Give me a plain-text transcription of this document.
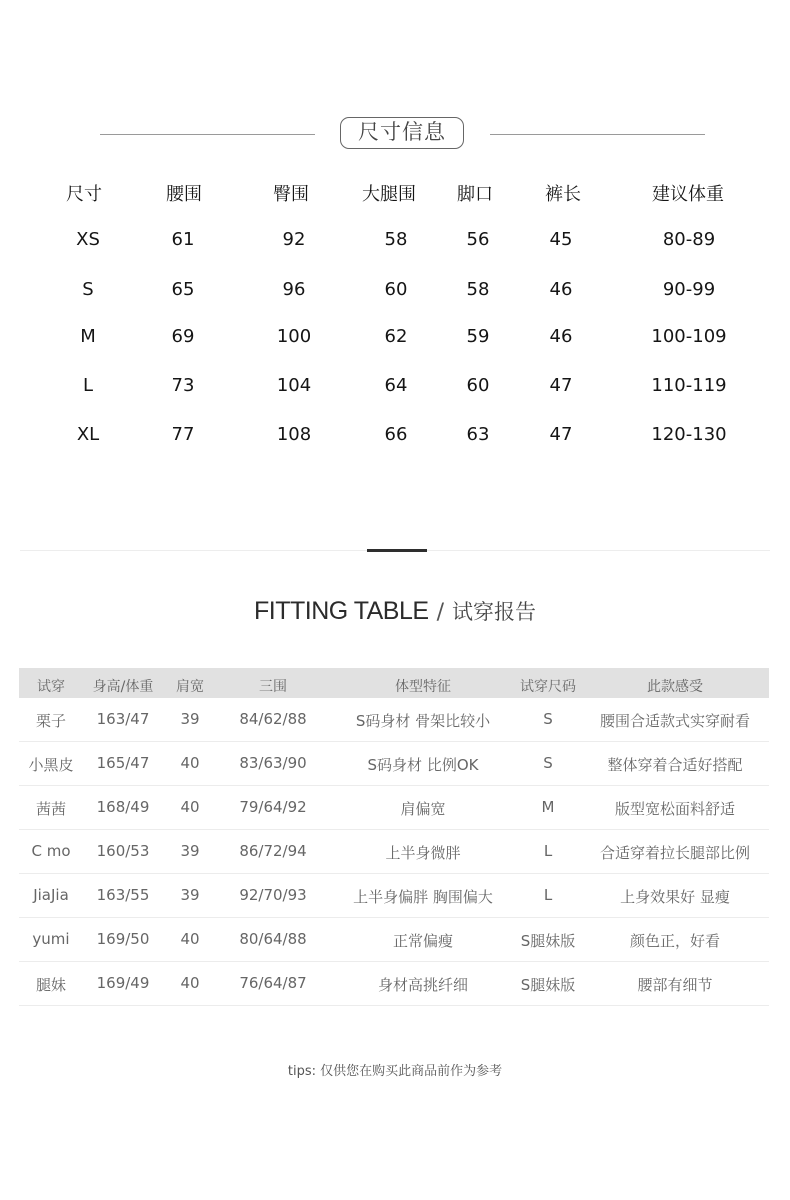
尺寸信息
尺寸	腰围	臀围	大腿围 脚口	裤长	建议体重
XS	61	92	58	56	45	80-89
S	65	96	60	58	46	90-99
M	69	100	62	59	46	100-109
L	73	104	64	60	47	110-119
XL	77	108	66	63	47	120-130
FITTING TABLE / 试穿报告
试穿 身高/体重 肩宽	三围	体型特征	试穿尺码	此款感受
栗子 163/47 39	84/62/88	S码身材 骨架比较小	S	腰围合适款式实穿耐看
小黑皮 165/47 40	83/63/90	S码身材 比例OK	S	整体穿着合适好搭配
茜茜 168/49 40	79/64/92	肩偏宽	M	版型宽松面料舒适
C mo 160/53 39	86/72/94	上半身微胖	L	合适穿着拉长腿部比例
JiaJia 163/55 39	92/70/93	上半身偏胖 胸围偏大	L	上身效果好 显瘦
yumi 169/50 40	80/64/88	正常偏瘦	S腿妹版	颜色正，好看
腿妹 169/49 40	76/64/87	身材高挑纤细	S腿妹版	腰部有细节
tips: 仅供您在购买此商品前作为参考
